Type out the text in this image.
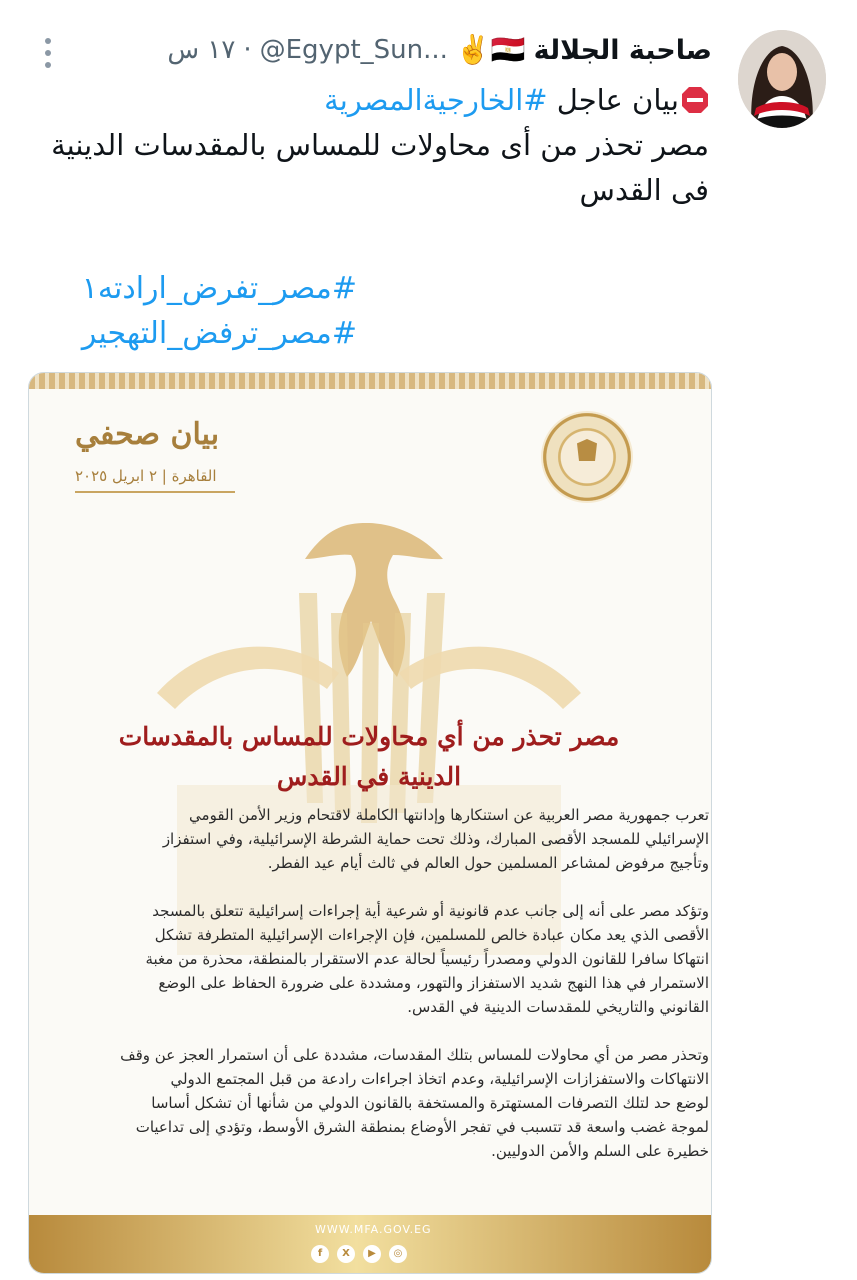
صاحبة الجلالة
✌️🇪🇬
@Egypt_Sun...
·
١٧ س
بيان عاجل #الخارجيةالمصرية
مصر تحذر من أى محاولات للمساس بالمقدسات الدينية
فى القدس
#مصر_تفرض_ارادته١
#مصر_ترفض_التهجير
بيان صحفي
القاهرة | ٢ ابريل ٢٠٢٥
مصر تحذر من أي محاولات للمساس بالمقدسات
الدينية في القدس
تعرب جمهورية مصر العربية عن استنكارها وإدانتها الكاملة لاقتحام وزير الأمن القومي
الإسرائيلي للمسجد الأقصى المبارك، وذلك تحت حماية الشرطة الإسرائيلية، وفي استفزاز
وتأجيج مرفوض لمشاعر المسلمين حول العالم في ثالث أيام عيد الفطر.
وتؤكد مصر على أنه إلى جانب عدم قانونية أو شرعية أية إجراءات إسرائيلية تتعلق بالمسجد
الأقصى الذي يعد مكان عبادة خالص للمسلمين، فإن الإجراءات الإسرائيلية المتطرفة تشكل
انتهاكا سافرا للقانون الدولي ومصدراً رئيسياً لحالة عدم الاستقرار بالمنطقة، محذرة من مغبة
الاستمرار في هذا النهج شديد الاستفزاز والتهور، ومشددة على ضرورة الحفاظ على الوضع
القانوني والتاريخي للمقدسات الدينية في القدس.
وتحذر مصر من أي محاولات للمساس بتلك المقدسات، مشددة على أن استمرار العجز عن وقف
الانتهاكات والاستفزازات الإسرائيلية، وعدم اتخاذ اجراءات رادعة من قبل المجتمع الدولي
لوضع حد لتلك التصرفات المستهترة والمستخفة بالقانون الدولي من شأنها أن تشكل أساسا
لموجة غضب واسعة قد تتسبب في تفجر الأوضاع بمنطقة الشرق الأوسط، وتؤدي إلى تداعيات
خطيرة على السلم والأمن الدوليين.
WWW.MFA.GOV.EG
f	X	▶	◎
